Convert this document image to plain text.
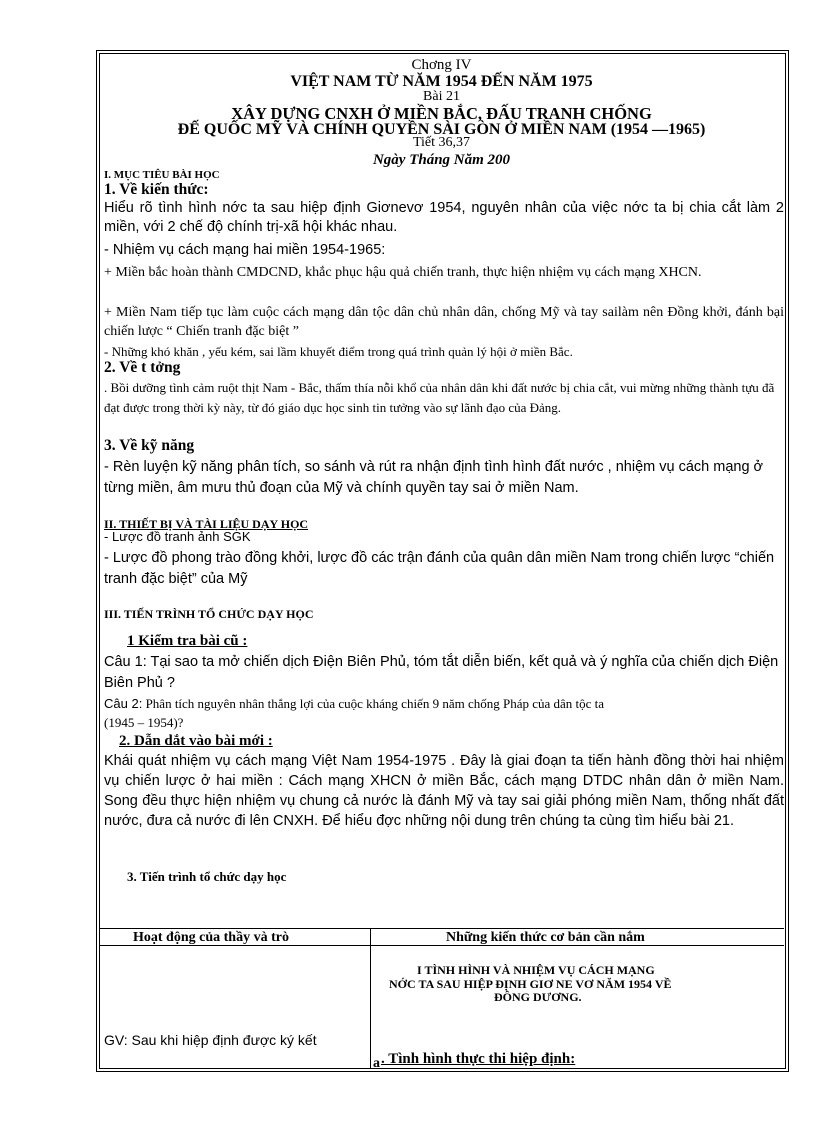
Chơng IV
VIỆT NAM TỪ NĂM 1954 ĐẾN NĂM 1975
Bài 21
XÂY DỰNG CNXH Ở MIỀN BẮC, ĐẤU TRANH CHỐNG
ĐẾ QUỐC MỸ VÀ CHÍNH QUYỀN SÀI GÒN Ở MIỀN NAM (1954 —1965)
Tiết 36,37
Ngày Tháng Năm 200
I. MỤC TIÊU BÀI HỌC
1. Về kiến thức:
Hiểu rõ tình hình nớc ta sau hiệp định Giơnevơ 1954, nguyên nhân của việc nớc ta bị chia cắt làm 2 miền, với 2 chế độ chính trị-xã hội khác nhau.
- Nhiệm vụ cách mạng hai miền 1954-1965:
+ Miền bắc hoàn thành CMDCND, khắc phục hậu quả chiến tranh, thực hiện nhiệm vụ cách mạng XHCN.
+ Miền Nam tiếp tục làm cuộc cách mạng dân tộc dân chủ nhân dân, chống Mỹ và tay sailàm nên Đồng khởi, đánh bại chiến lược “ Chiến tranh đặc biệt ”
- Những khó khăn , yếu kém, sai lầm khuyết điểm trong quá trình quản lý hội ở miền Bắc.
2. Về t tởng
. Bồi dưỡng tình cảm ruột thịt Nam - Bắc, thấm thía nỗi khổ của nhân dân khi đất nước bị chia cắt, vui mừng những thành tựu đã đạt được trong thời kỳ này, từ đó giáo dục học sinh tin tưởng vào sự lãnh đạo của Đảng.
3. Về kỹ năng
- Rèn luyện kỹ năng phân tích, so sánh và rút ra nhận định tình hình đất nước , nhiệm vụ cách mạng ở từng miền, âm mưu thủ đoạn của Mỹ và chính quyền tay sai ở miền Nam.
II. THIẾT BỊ VÀ TÀI LIỆU DẠY HỌC
- Lược đồ tranh ảnh SGK
- Lược đồ phong trào đồng khởi, lược đồ các trận đánh của quân dân miền Nam trong chiến lược “chiến tranh đặc biệt” của Mỹ
III. TIẾN TRÌNH TỔ CHỨC DẠY HỌC
1 Kiểm tra bài cũ :
Câu 1: Tại sao ta mở chiến dịch Điện Biên Phủ, tóm tắt diễn biến, kết quả và ý nghĩa của chiến dịch Điện Biên Phủ ?
Câu 2: Phân tích nguyên nhân thắng lợi của cuộc kháng chiến 9 năm chống Pháp của dân tộc ta
(1945 – 1954)?
2. Dẫn dắt vào bài mới :
Khái quát nhiệm vụ cách mạng Việt Nam 1954-1975 . Đây là giai đoạn ta tiến hành đồng thời hai nhiệm vụ chiến lược ở hai miền : Cách mạng XHCN ở miền Bắc, cách mạng DTDC nhân dân ở miền Nam. Song đều thực hiện nhiệm vụ chung cả nước là đánh Mỹ và tay sai giải phóng miền Nam, thống nhất đất nước, đưa cả nước đi lên CNXH. Để hiểu đợc những nội dung trên chúng ta cùng tìm hiểu bài 21.
3. Tiến trình tổ chức dạy học
Hoạt động của thầy và trò	Những kiến thức cơ bản cần nắm
I TÌNH HÌNH VÀ NHIỆM VỤ CÁCH MẠNG
NỚC TA SAU HIỆP ĐỊNH GIƠ NE VƠ NĂM 1954 VỀ
ĐÔNG DƯƠNG.
GV: Sau khi hiệp định được ký kết
a . Tình hình thực thi hiệp định:
